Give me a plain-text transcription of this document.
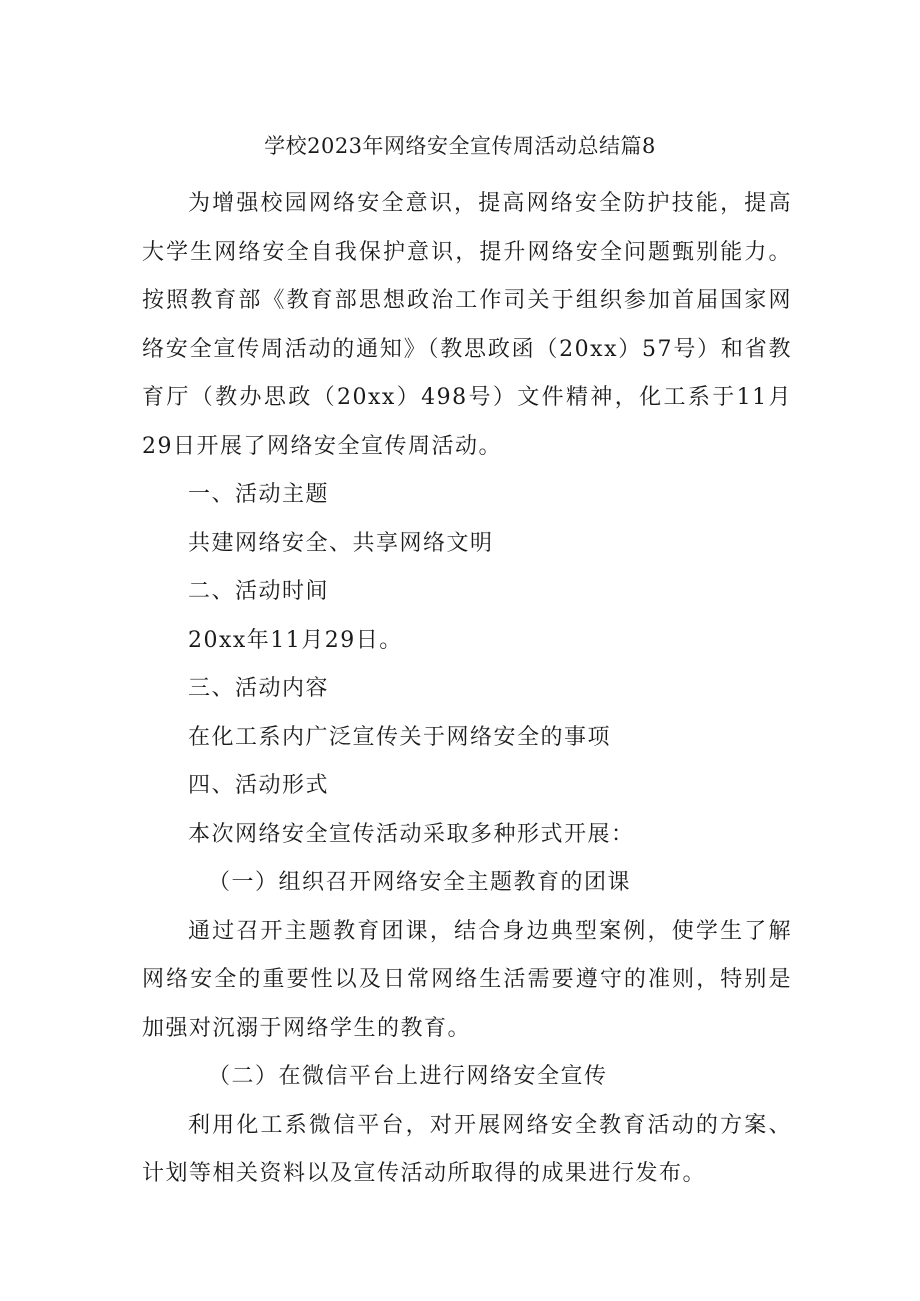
学校2023年网络安全宣传周活动总结篇8

为增强校园网络安全意识，提高网络安全防护技能，提高大学生网络安全自我保护意识，提升网络安全问题甄别能力。按照教育部《教育部思想政治工作司关于组织参加首届国家网络安全宣传周活动的通知》（教思政函（20xx）57号）和省教育厅（教办思政（20xx）498号）文件精神，化工系于11月29日开展了网络安全宣传周活动。

一、活动主题

共建网络安全、共享网络文明

二、活动时间

20xx年11月29日。

三、活动内容

在化工系内广泛宣传关于网络安全的事项

四、活动形式

本次网络安全宣传活动采取多种形式开展：

（一）组织召开网络安全主题教育的团课

通过召开主题教育团课，结合身边典型案例，使学生了解网络安全的重要性以及日常网络生活需要遵守的准则，特别是加强对沉溺于网络学生的教育。

（二）在微信平台上进行网络安全宣传

利用化工系微信平台，对开展网络安全教育活动的方案、计划等相关资料以及宣传活动所取得的成果进行发布。
